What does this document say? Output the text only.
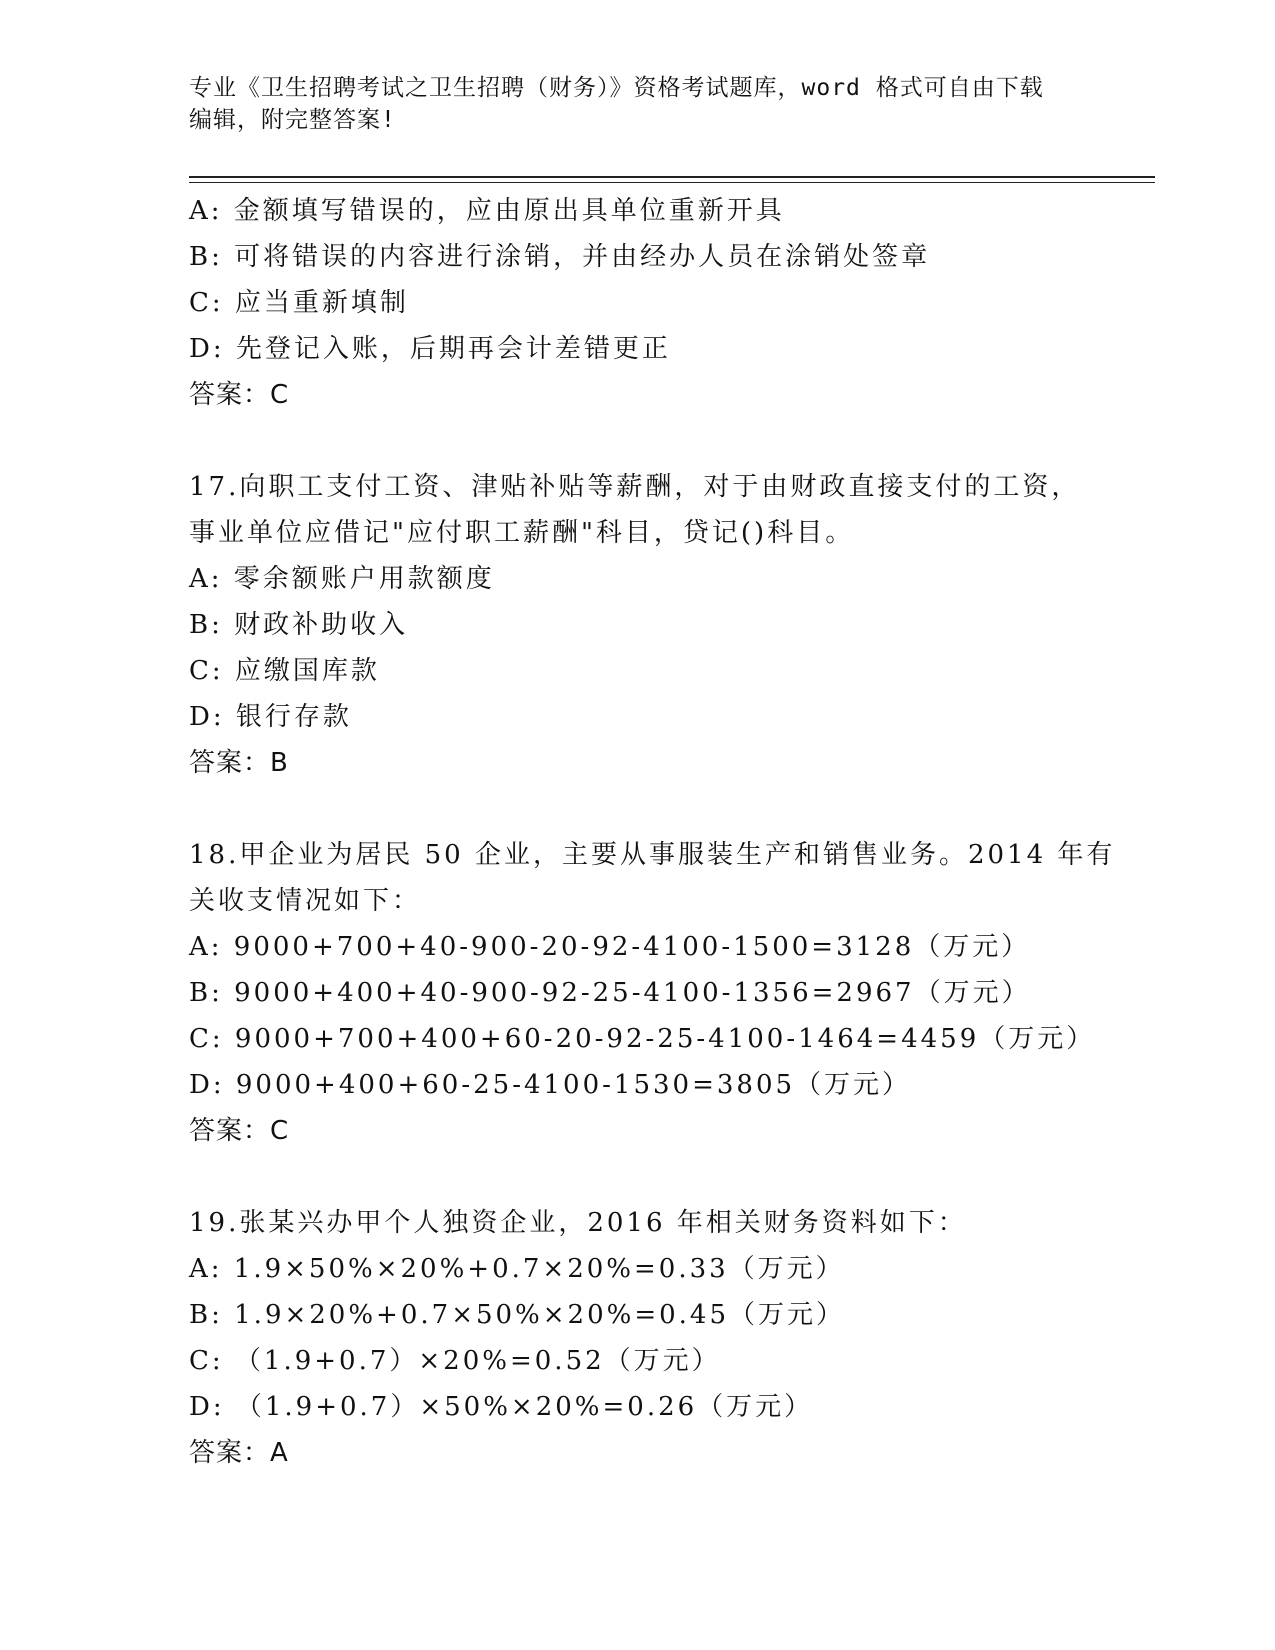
专业《卫生招聘考试之卫生招聘（财务）》资格考试题库，word 格式可自由下载
编辑，附完整答案!
A: 金额填写错误的，应由原出具单位重新开具
B: 可将错误的内容进行涂销，并由经办人员在涂销处签章
C: 应当重新填制
D: 先登记入账，后期再会计差错更正
答案：C
17.向职工支付工资、津贴补贴等薪酬，对于由财政直接支付的工资，
事业单位应借记"应付职工薪酬"科目，贷记()科目。
A: 零余额账户用款额度
B: 财政补助收入
C: 应缴国库款
D: 银行存款
答案：B
18.甲企业为居民 50 企业，主要从事服装生产和销售业务。2014 年有
关收支情况如下：
A: 9000+700+40-900-20-92-4100-1500=3128（万元）
B: 9000+400+40-900-92-25-4100-1356=2967（万元）
C: 9000+700+400+60-20-92-25-4100-1464=4459（万元）
D: 9000+400+60-25-4100-1530=3805（万元）
答案：C
19.张某兴办甲个人独资企业，2016 年相关财务资料如下：
A: 1.9×50%×20%+0.7×20%=0.33（万元）
B: 1.9×20%+0.7×50%×20%=0.45（万元）
C: （1.9+0.7）×20%=0.52（万元）
D: （1.9+0.7）×50%×20%=0.26（万元）
答案：A
